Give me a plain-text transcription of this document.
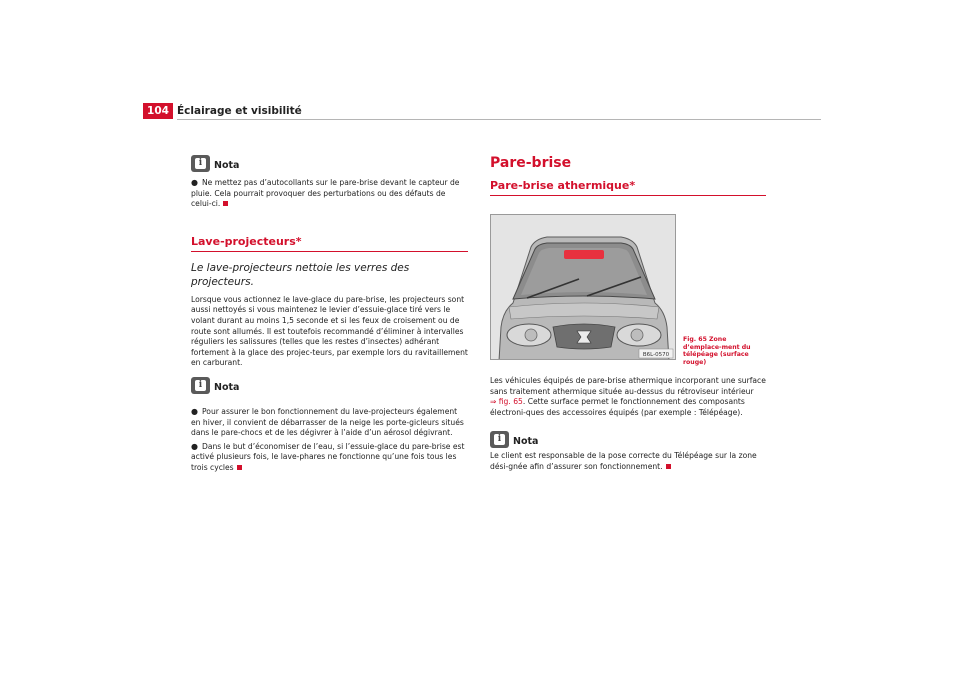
104 Éclairage et visibilité
i	Nota

● Ne mettez pas d’autocollants sur le pare-brise devant le capteur de pluie. Cela pourrait provoquer des perturbations ou des défauts de celui-ci.

Lave-projecteurs*
Le lave-projecteurs nettoie les verres des projecteurs.

Lorsque vous actionnez le lave-glace du pare-brise, les projecteurs sont aussi nettoyés si vous maintenez le levier d’essuie-glace tiré vers le volant durant au moins 1,5 seconde et si les feux de croisement ou de route sont allumés. Il est toutefois recommandé d’éliminer à intervalles réguliers les salissures (telles que les restes d’insectes) adhérant fortement à la glace des projec-teurs, par exemple lors du ravitaillement en carburant.

i	Nota

● Pour assurer le bon fonctionnement du lave-projecteurs également en hiver, il convient de débarrasser de la neige les porte-gicleurs situés dans le pare-chocs et de les dégivrer à l’aide d’un aérosol dégivrant.

● Dans le but d’économiser de l’eau, si l’essuie-glace du pare-brise est activé plusieurs fois, le lave-phares ne fonctionne qu’une fois tous les trois cycles

Pare-brise
Pare-brise athermique*
B6L-0570
Fig. 65 Zone d’emplace-ment du télépéage (surface rouge)

Les véhicules équipés de pare-brise athermique incorporant une surface sans traitement athermique située au-dessus du rétroviseur intérieur
⇒ fig. 65. Cette surface permet le fonctionnement des composants électroni-ques des accessoires équipés (par exemple : Télépéage).

i	Nota

Le client est responsable de la pose correcte du Télépéage sur la zone dési-gnée afin d’assurer son fonctionnement.
